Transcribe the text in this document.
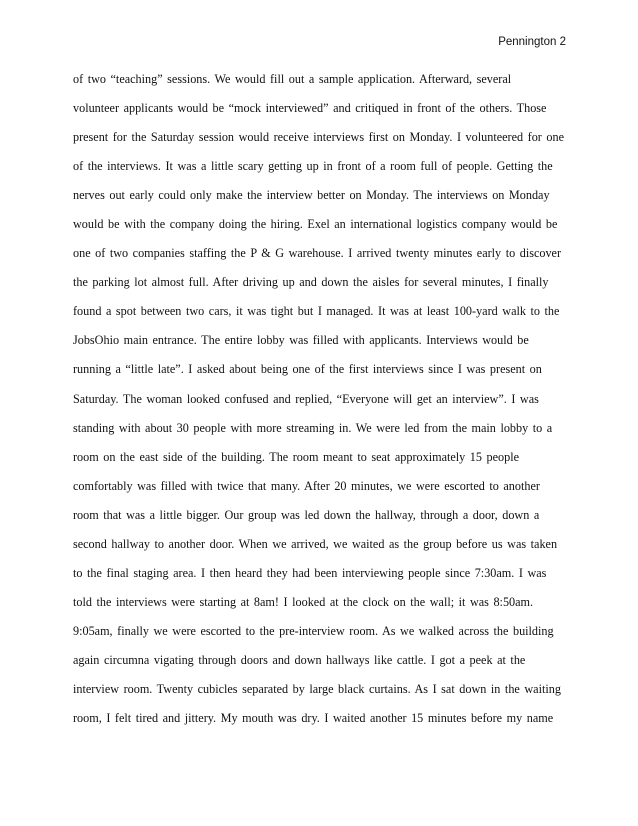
Pennington 2
of two “teaching” sessions. We would fill out a sample application. Afterward, several
volunteer applicants would be “mock interviewed” and critiqued in front of the others. Those
present for the Saturday session would receive interviews first on Monday. I volunteered for one
of the interviews. It was a little scary getting up in front of a room full of people. Getting the
nerves out early could only make the interview better on Monday. The interviews on Monday
would be with the company doing the hiring. Exel an international logistics company would be
one of two companies staffing the P & G warehouse. I arrived twenty minutes early to discover
the parking lot almost full. After driving up and down the aisles for several minutes, I finally
found a spot between two cars, it was tight but I managed. It was at least 100-yard walk to the
JobsOhio main entrance. The entire lobby was filled with applicants. Interviews would be
running a “little late”. I asked about being one of the first interviews since I was present on
Saturday. The woman looked confused and replied, “Everyone will get an interview”. I was
standing with about 30 people with more streaming in. We were led from the main lobby to a
room on the east side of the building. The room meant to seat approximately 15 people
comfortably was filled with twice that many. After 20 minutes, we were escorted to another
room that was a little bigger. Our group was led down the hallway, through a door, down a
second hallway to another door. When we arrived, we waited as the group before us was taken
to the final staging area. I then heard they had been interviewing people since 7:30am. I was
told the interviews were starting at 8am! I looked at the clock on the wall; it was 8:50am.
9:05am, finally we were escorted to the pre-interview room. As we walked across the building
again circumna vigating through doors and down hallways like cattle. I got a peek at the
interview room. Twenty cubicles separated by large black curtains. As I sat down in the waiting
room, I felt tired and jittery. My mouth was dry. I waited another 15 minutes before my name
